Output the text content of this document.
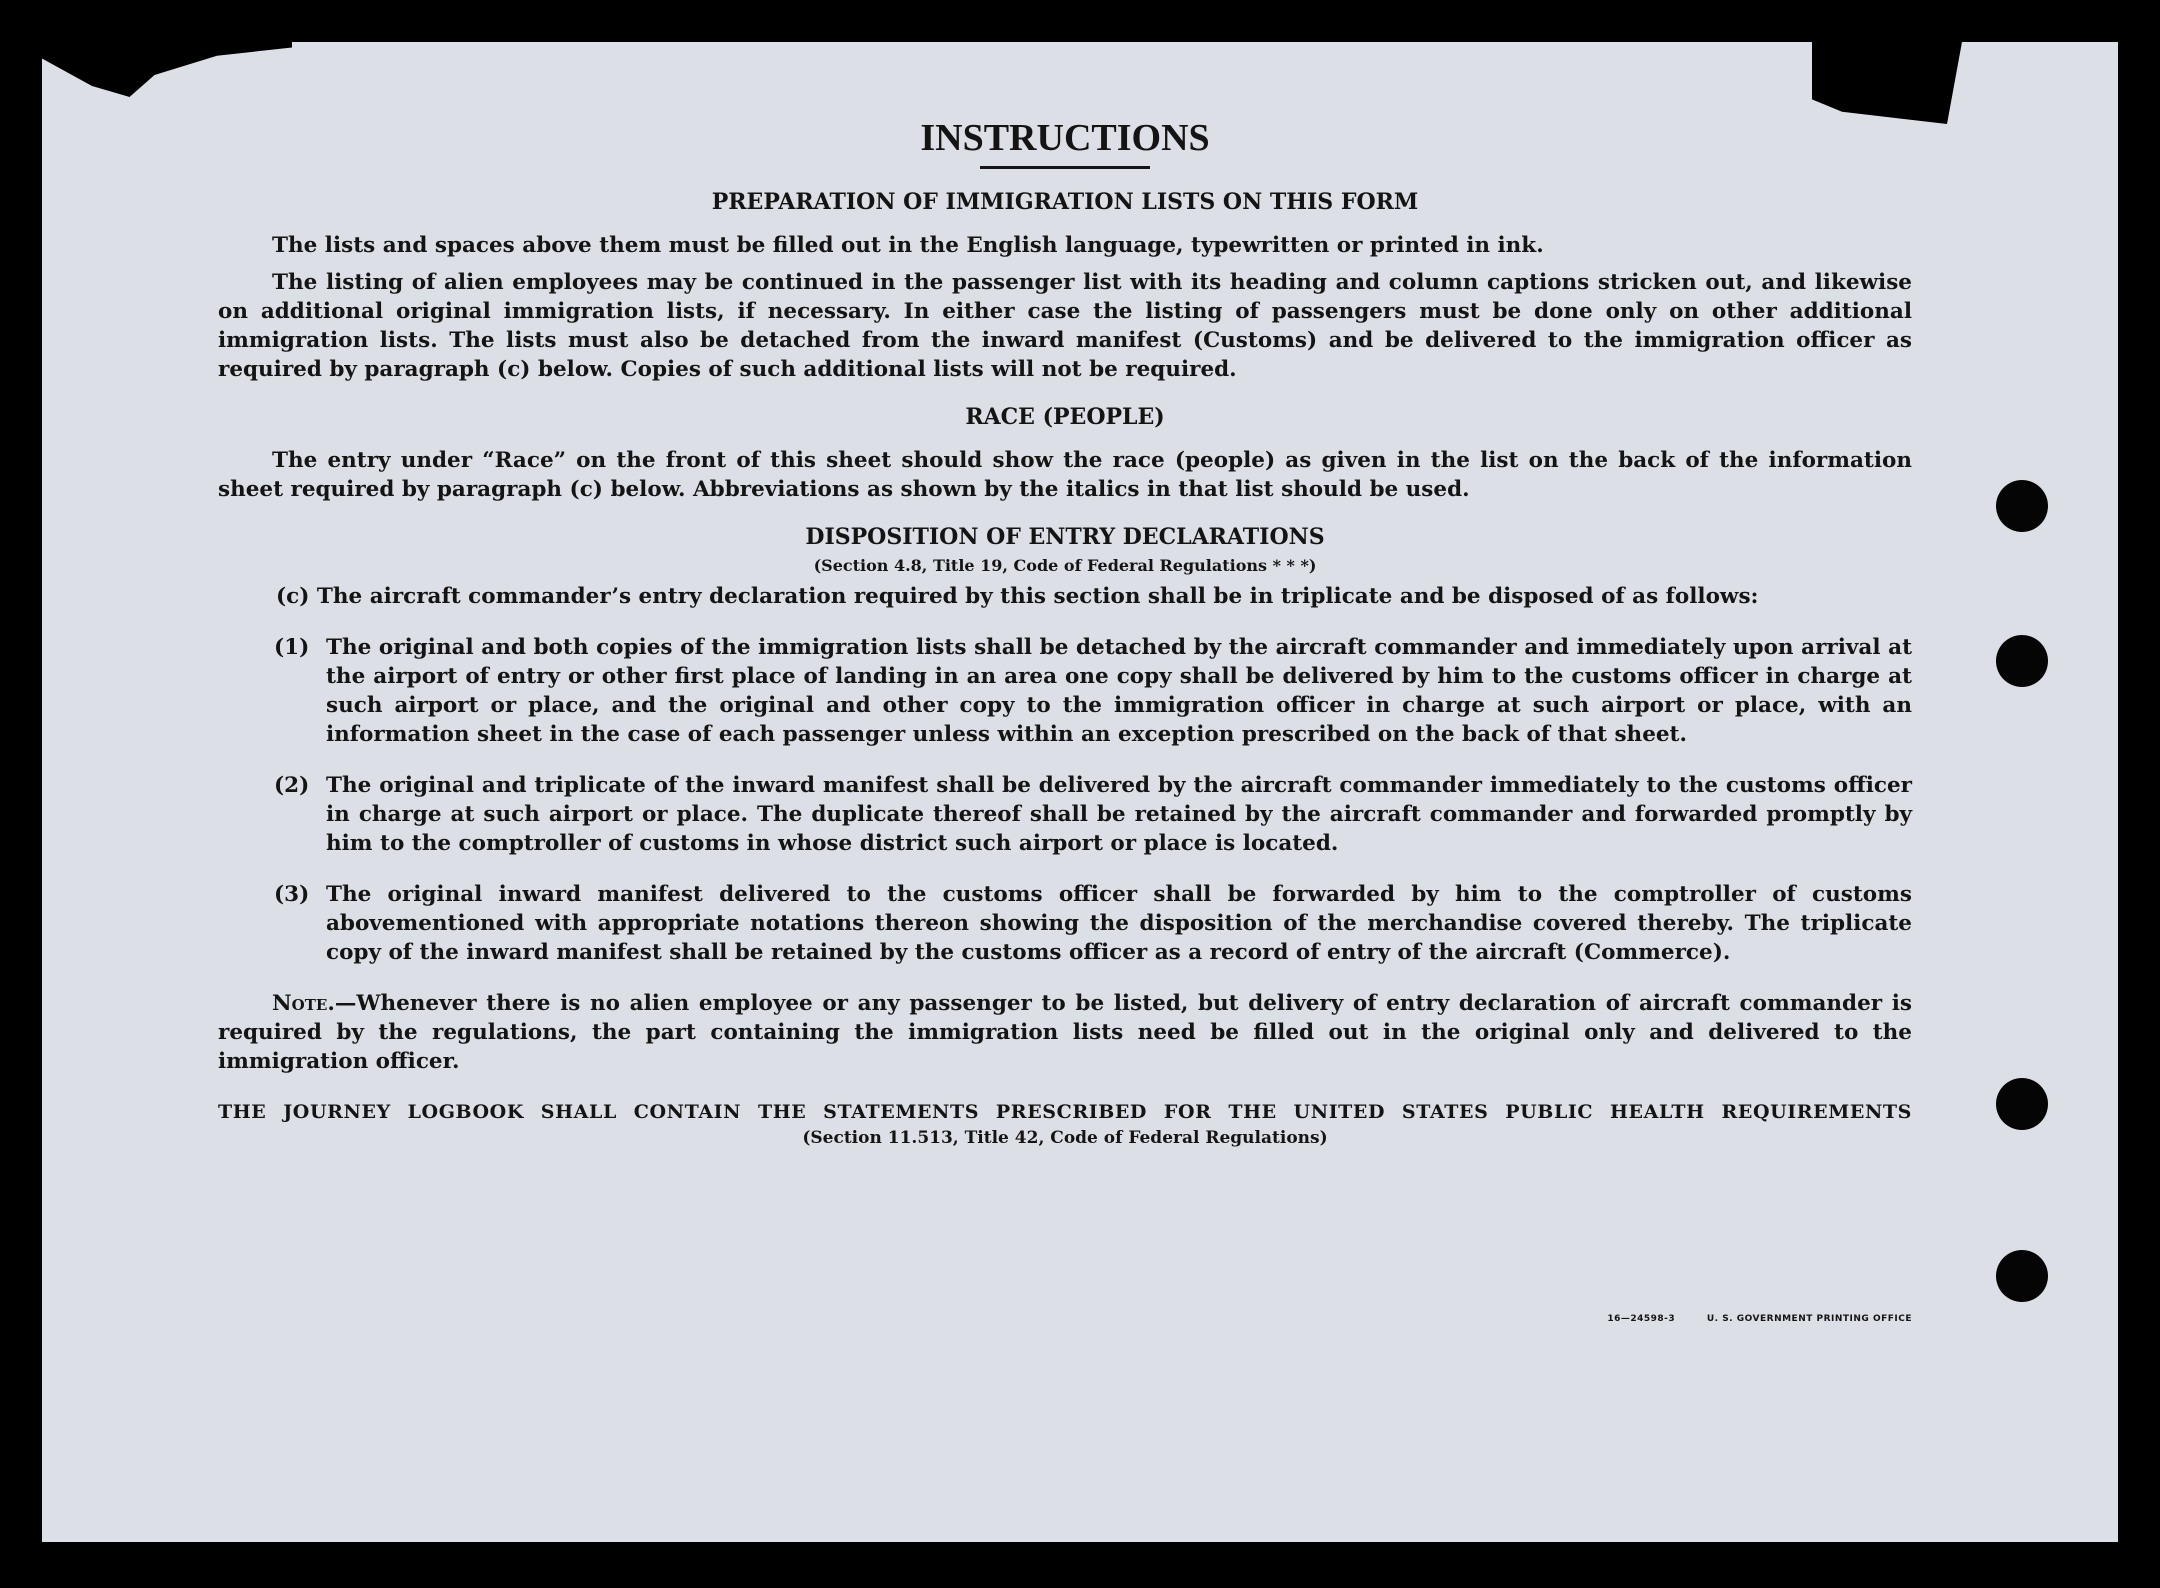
INSTRUCTIONS
PREPARATION OF IMMIGRATION LISTS ON THIS FORM

The lists and spaces above them must be filled out in the English language, typewritten or printed in ink.

The listing of alien employees may be continued in the passenger list with its heading and column captions stricken out, and likewise on additional original immigration lists, if necessary. In either case the listing of passengers must be done only on other additional immigration lists. The lists must also be detached from the inward manifest (Customs) and be delivered to the immigration officer as required by paragraph (c) below. Copies of such additional lists will not be required.

RACE (PEOPLE)

The entry under “Race” on the front of this sheet should show the race (people) as given in the list on the back of the information sheet required by paragraph (c) below. Abbreviations as shown by the italics in that list should be used.

DISPOSITION OF ENTRY DECLARATIONS
(Section 4.8, Title 19, Code of Federal Regulations * * *)
(c) The aircraft commander’s entry declaration required by this section shall be in triplicate and be disposed of as follows:
(1) The original and both copies of the immigration lists shall be detached by the aircraft commander and immediately upon arrival at the airport of entry or other first place of landing in an area one copy shall be delivered by him to the customs officer in charge at such airport or place, and the original and other copy to the immigration officer in charge at such airport or place, with an information sheet in the case of each passenger unless within an exception prescribed on the back of that sheet.
(2) The original and triplicate of the inward manifest shall be delivered by the aircraft commander immediately to the customs officer in charge at such airport or place. The duplicate thereof shall be retained by the aircraft commander and forwarded promptly by him to the comptroller of customs in whose district such airport or place is located.
(3) The original inward manifest delivered to the customs officer shall be forwarded by him to the comptroller of customs abovementioned with appropriate notations thereon showing the disposition of the merchandise covered thereby. The triplicate copy of the inward manifest shall be retained by the customs officer as a record of entry of the aircraft (Commerce).

Note.—Whenever there is no alien employee or any passenger to be listed, but delivery of entry declaration of aircraft commander is required by the regulations, the part containing the immigration lists need be filled out in the original only and delivered to the immigration officer.

THE JOURNEY LOGBOOK SHALL CONTAIN THE STATEMENTS PRESCRIBED FOR THE UNITED STATES PUBLIC HEALTH REQUIREMENTS

(Section 11.513, Title 42, Code of Federal Regulations)
16—24598-3	U. S. GOVERNMENT PRINTING OFFICE
